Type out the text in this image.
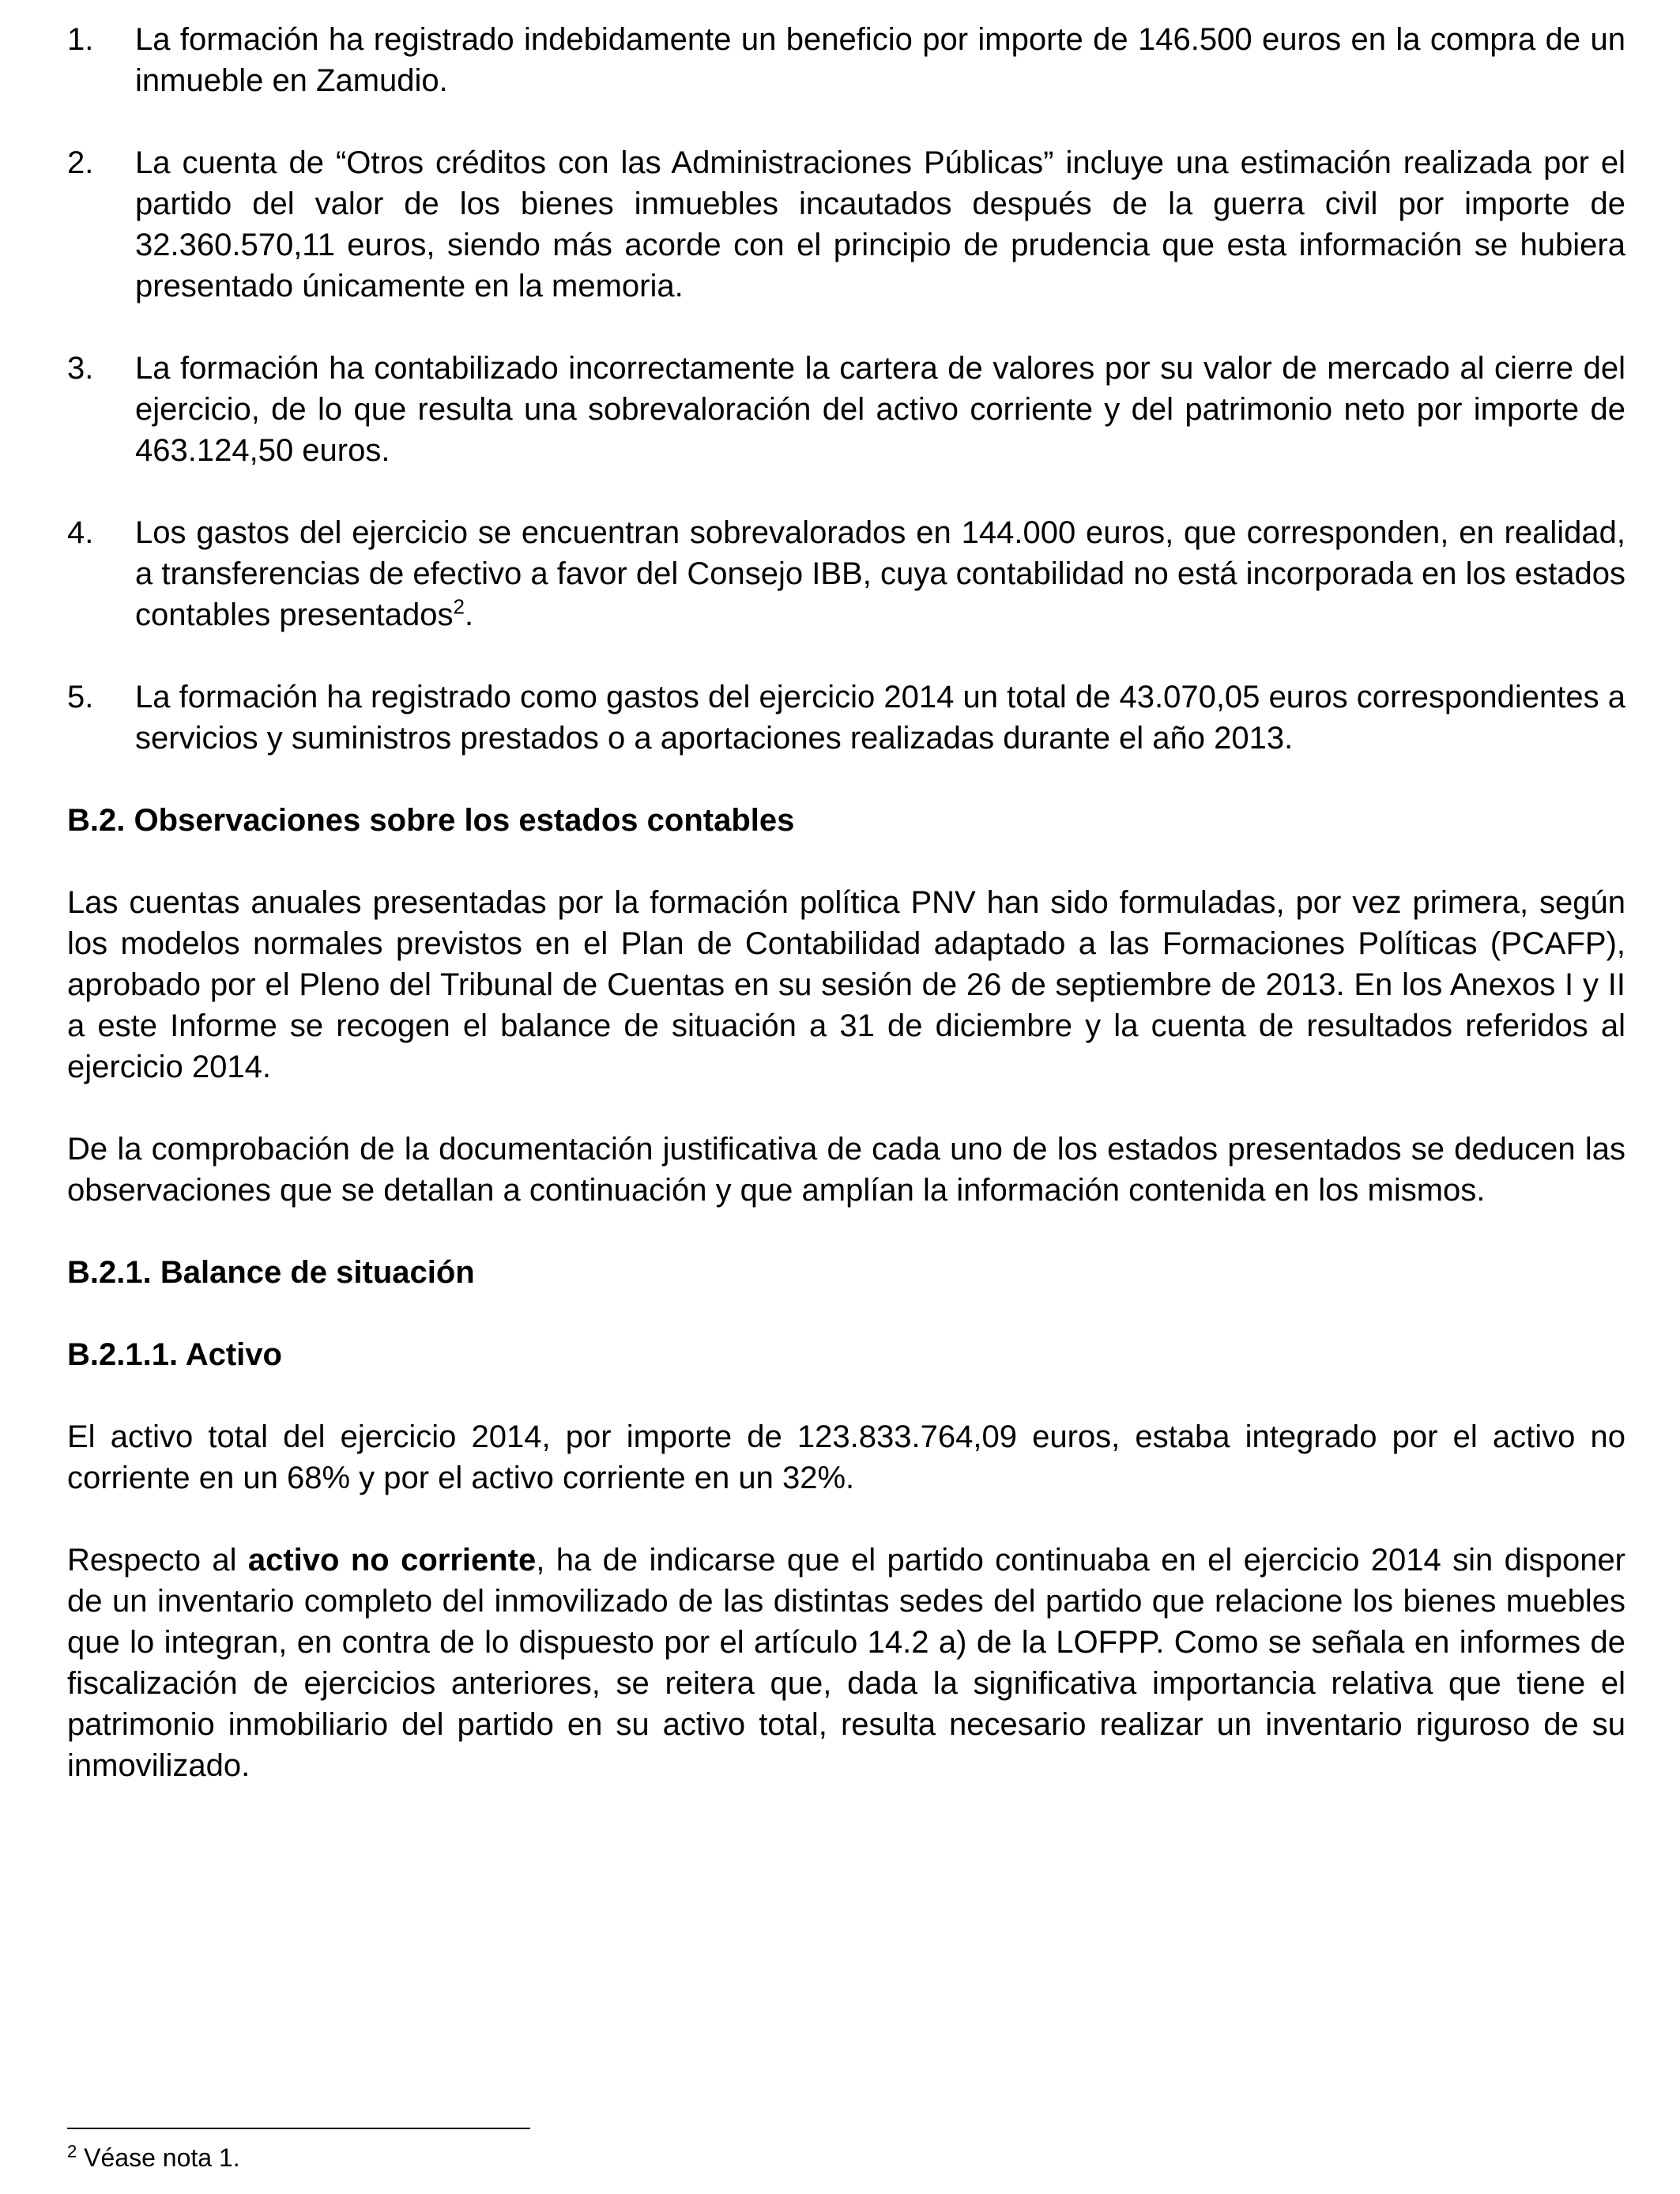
1. La formación ha registrado indebidamente un beneficio por importe de 146.500 euros en la compra de un inmueble en Zamudio.
2. La cuenta de “Otros créditos con las Administraciones Públicas” incluye una estimación realizada por el partido del valor de los bienes inmuebles incautados después de la guerra civil por importe de 32.360.570,11 euros, siendo más acorde con el principio de prudencia que esta información se hubiera presentado únicamente en la memoria.
3. La formación ha contabilizado incorrectamente la cartera de valores por su valor de mercado al cierre del ejercicio, de lo que resulta una sobrevaloración del activo corriente y del patrimonio neto por importe de 463.124,50 euros.
4. Los gastos del ejercicio se encuentran sobrevalorados en 144.000 euros, que corresponden, en realidad, a transferencias de efectivo a favor del Consejo IBB, cuya contabilidad no está incorporada en los estados contables presentados$^2$.
5. La formación ha registrado como gastos del ejercicio 2014 un total de 43.070,05 euros correspondientes a servicios y suministros prestados o a aportaciones realizadas durante el año 2013.

B.2. Observaciones sobre los estados contables

Las cuentas anuales presentadas por la formación política PNV han sido formuladas, por vez primera, según los modelos normales previstos en el Plan de Contabilidad adaptado a las Formaciones Políticas (PCAFP), aprobado por el Pleno del Tribunal de Cuentas en su sesión de 26 de septiembre de 2013. En los Anexos I y II a este Informe se recogen el balance de situación a 31 de diciembre y la cuenta de resultados referidos al ejercicio 2014.

De la comprobación de la documentación justificativa de cada uno de los estados presentados se deducen las observaciones que se detallan a continuación y que amplían la información contenida en los mismos.

B.2.1. Balance de situación

B.2.1.1. Activo

El activo total del ejercicio 2014, por importe de 123.833.764,09 euros, estaba integrado por el activo no corriente en un 68% y por el activo corriente en un 32%.

Respecto al activo no corriente, ha de indicarse que el partido continuaba en el ejercicio 2014 sin disponer de un inventario completo del inmovilizado de las distintas sedes del partido que relacione los bienes muebles que lo integran, en contra de lo dispuesto por el artículo 14.2 a) de la LOFPP. Como se señala en informes de fiscalización de ejercicios anteriores, se reitera que, dada la significativa importancia relativa que tiene el patrimonio inmobiliario del partido en su activo total, resulta necesario realizar un inventario riguroso de su inmovilizado.

$^2$ Véase nota 1.
